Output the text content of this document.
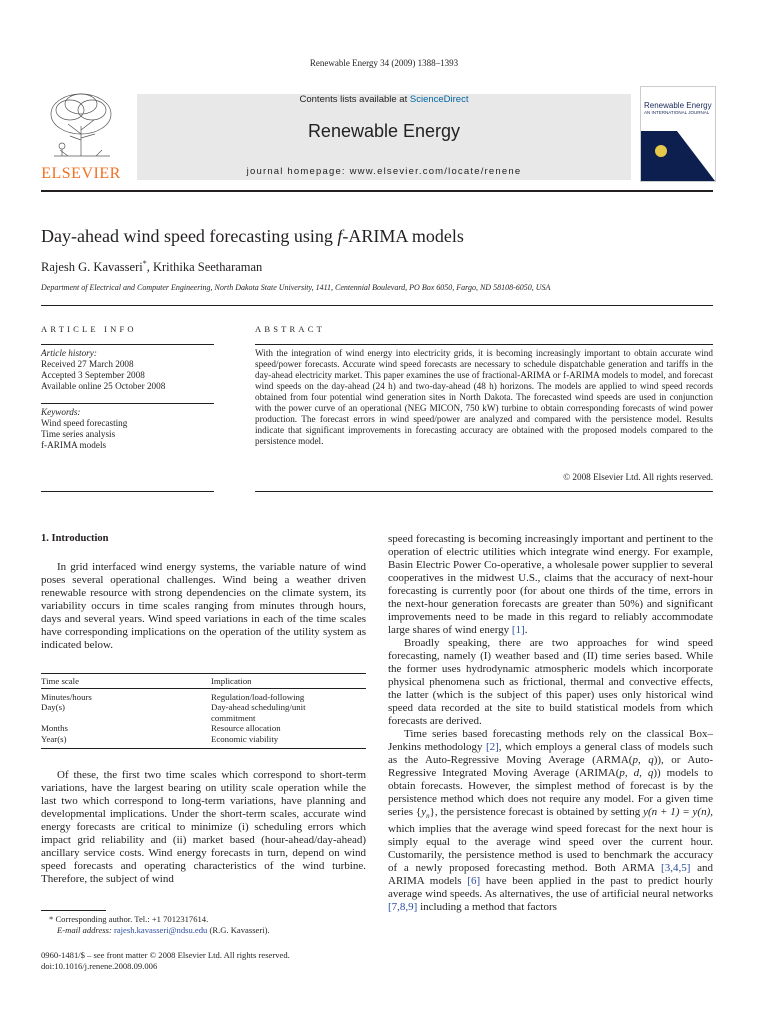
Renewable Energy 34 (2009) 1388–1393
ELSEVIER
Contents lists available at ScienceDirect
Renewable Energy
journal homepage: www.elsevier.com/locate/renene
Renewable Energy
AN INTERNATIONAL JOURNAL
Day-ahead wind speed forecasting using f-ARIMA models
Rajesh G. Kavasseri*, Krithika Seetharaman
Department of Electrical and Computer Engineering, North Dakota State University, 1411, Centennial Boulevard, PO Box 6050, Fargo, ND 58108-6050, USA
ARTICLE INFO
Article history:
Received 27 March 2008
Accepted 3 September 2008
Available online 25 October 2008
Keywords:
Wind speed forecasting
Time series analysis
f-ARIMA models
ABSTRACT
With the integration of wind energy into electricity grids, it is becoming increasingly important to obtain accurate wind speed/power forecasts. Accurate wind speed forecasts are necessary to schedule dispatchable generation and tariffs in the day-ahead electricity market. This paper examines the use of fractional-ARIMA or f-ARIMA models to model, and forecast wind speeds on the day-ahead (24 h) and two-day-ahead (48 h) horizons. The models are applied to wind speed records obtained from four potential wind generation sites in North Dakota. The forecasted wind speeds are used in conjunction with the power curve of an operational (NEG MICON, 750 kW) turbine to obtain corresponding forecasts of wind power production. The forecast errors in wind speed/power are analyzed and compared with the persistence model. Results indicate that significant improvements in forecasting accuracy are obtained with the proposed models compared to the persistence model.
© 2008 Elsevier Ltd. All rights reserved.
1. Introduction

In grid interfaced wind energy systems, the variable nature of wind poses several operational challenges. Wind being a weather driven renewable resource with strong dependencies on the climate system, its variability occurs in time scales ranging from minutes through hours, days and several years. Wind speed variations in each of the time scales have corresponding implications on the operation of the utility system as indicated below.

Time scale	Implication

Minutes/hours	Regulation/load-following
Day(s)	Day-ahead scheduling/unit commitment
Months	Resource allocation
Year(s)	Economic viability

Of these, the first two time scales which correspond to short-term variations, have the largest bearing on utility scale operation while the last two which correspond to long-term variations, have planning and developmental implications. Under the short-term scales, accurate wind energy forecasts are critical to minimize (i) scheduling errors which impact grid reliability and (ii) market based (hour-ahead/day-ahead) ancillary service costs. Wind energy forecasts in turn, depend on wind speed forecasts and operating characteristics of the wind turbine. Therefore, the subject of wind

* Corresponding author. Tel.: +1 7012317614.
E-mail address: rajesh.kavasseri@ndsu.edu (R.G. Kavasseri).
0960-1481/$ – see front matter © 2008 Elsevier Ltd. All rights reserved.
doi:10.1016/j.renene.2008.09.006

speed forecasting is becoming increasingly important and pertinent to the operation of electric utilities which integrate wind energy. For example, Basin Electric Power Co-operative, a wholesale power supplier to several cooperatives in the midwest U.S., claims that the accuracy of next-hour forecasting is currently poor (for about one thirds of the time, errors in the next-hour generation forecasts are greater than 50%) and significant improvements need to be made in this regard to reliably accommodate large shares of wind energy [1].

Broadly speaking, there are two approaches for wind speed forecasting, namely (I) weather based and (II) time series based. While the former uses hydrodynamic atmospheric models which incorporate physical phenomena such as frictional, thermal and convective effects, the latter (which is the subject of this paper) uses only historical wind speed data recorded at the site to build statistical models from which forecasts are derived.

Time series based forecasting methods rely on the classical Box–Jenkins methodology [2], which employs a general class of models such as the Auto-Regressive Moving Average (ARMA(p, q)), or Auto-Regressive Integrated Moving Average (ARIMA(p, d, q)) models to obtain forecasts. However, the simplest method of forecast is by the persistence method which does not require any model. For a given time series $\{y_n\}$, the persistence forecast is obtained by setting y(n + 1) = y(n), which implies that the average wind speed forecast for the next hour is simply equal to the average wind speed over the current hour. Customarily, the persistence method is used to benchmark the accuracy of a newly proposed forecasting method. Both ARMA [3,4,5] and ARIMA models [6] have been applied in the past to predict hourly average wind speeds. As alternatives, the use of artificial neural networks [7,8,9] including a method that factors
